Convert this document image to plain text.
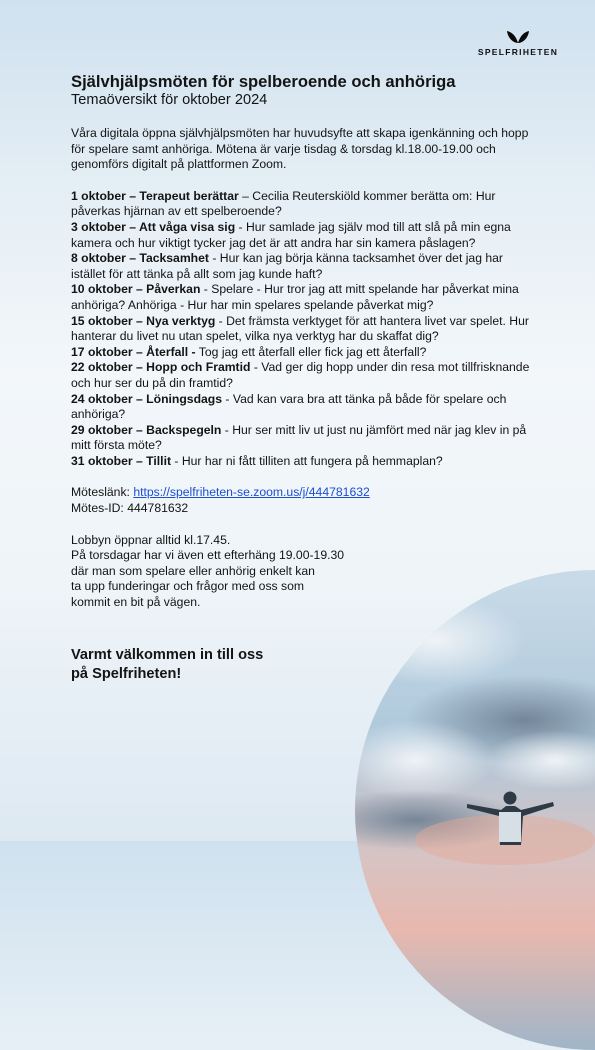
SPELFRIHETEN
Självhjälpsmöten för spelberoende och anhöriga
Temaöversikt för oktober 2024

Våra digitala öppna självhjälpsmöten har huvudsyfte att skapa igenkänning och hopp för spelare samt anhöriga. Mötena är varje tisdag & torsdag kl.18.00-19.00 och genomförs digitalt på plattformen Zoom.

1 oktober – Terapeut berättar – Cecilia Reuterskiöld kommer berätta om: Hur påverkas hjärnan av ett spelberoende?

3 oktober – Att våga visa sig - Hur samlade jag själv mod till att slå på min egna kamera och hur viktigt tycker jag det är att andra har sin kamera påslagen?

8 oktober – Tacksamhet - Hur kan jag börja känna tacksamhet över det jag har istället för att tänka på allt som jag kunde haft?

10 oktober – Påverkan - Spelare - Hur tror jag att mitt spelande har påverkat mina anhöriga? Anhöriga - Hur har min spelares spelande påverkat mig?

15 oktober – Nya verktyg - Det främsta verktyget för att hantera livet var spelet. Hur hanterar du livet nu utan spelet, vilka nya verktyg har du skaffat dig?

17 oktober – Återfall - Tog jag ett återfall eller fick jag ett återfall?

22 oktober – Hopp och Framtid - Vad ger dig hopp under din resa mot tillfrisknande och hur ser du på din framtid?

24 oktober – Löningsdags - Vad kan vara bra att tänka på både för spelare och anhöriga?

29 oktober – Backspegeln - Hur ser mitt liv ut just nu jämfört med när jag klev in på mitt första möte?

31 oktober – Tillit - Hur har ni fått tilliten att fungera på hemmaplan?

Möteslänk: https://spelfriheten-se.zoom.us/j/444781632

Mötes-ID: 444781632

Lobbyn öppnar alltid kl.17.45.

På torsdagar har vi även ett efterhäng 19.00-19.30

där man som spelare eller anhörig enkelt kan

ta upp funderingar och frågor med oss som

kommit en bit på vägen.

Varmt välkommen in till oss på Spelfriheten!
